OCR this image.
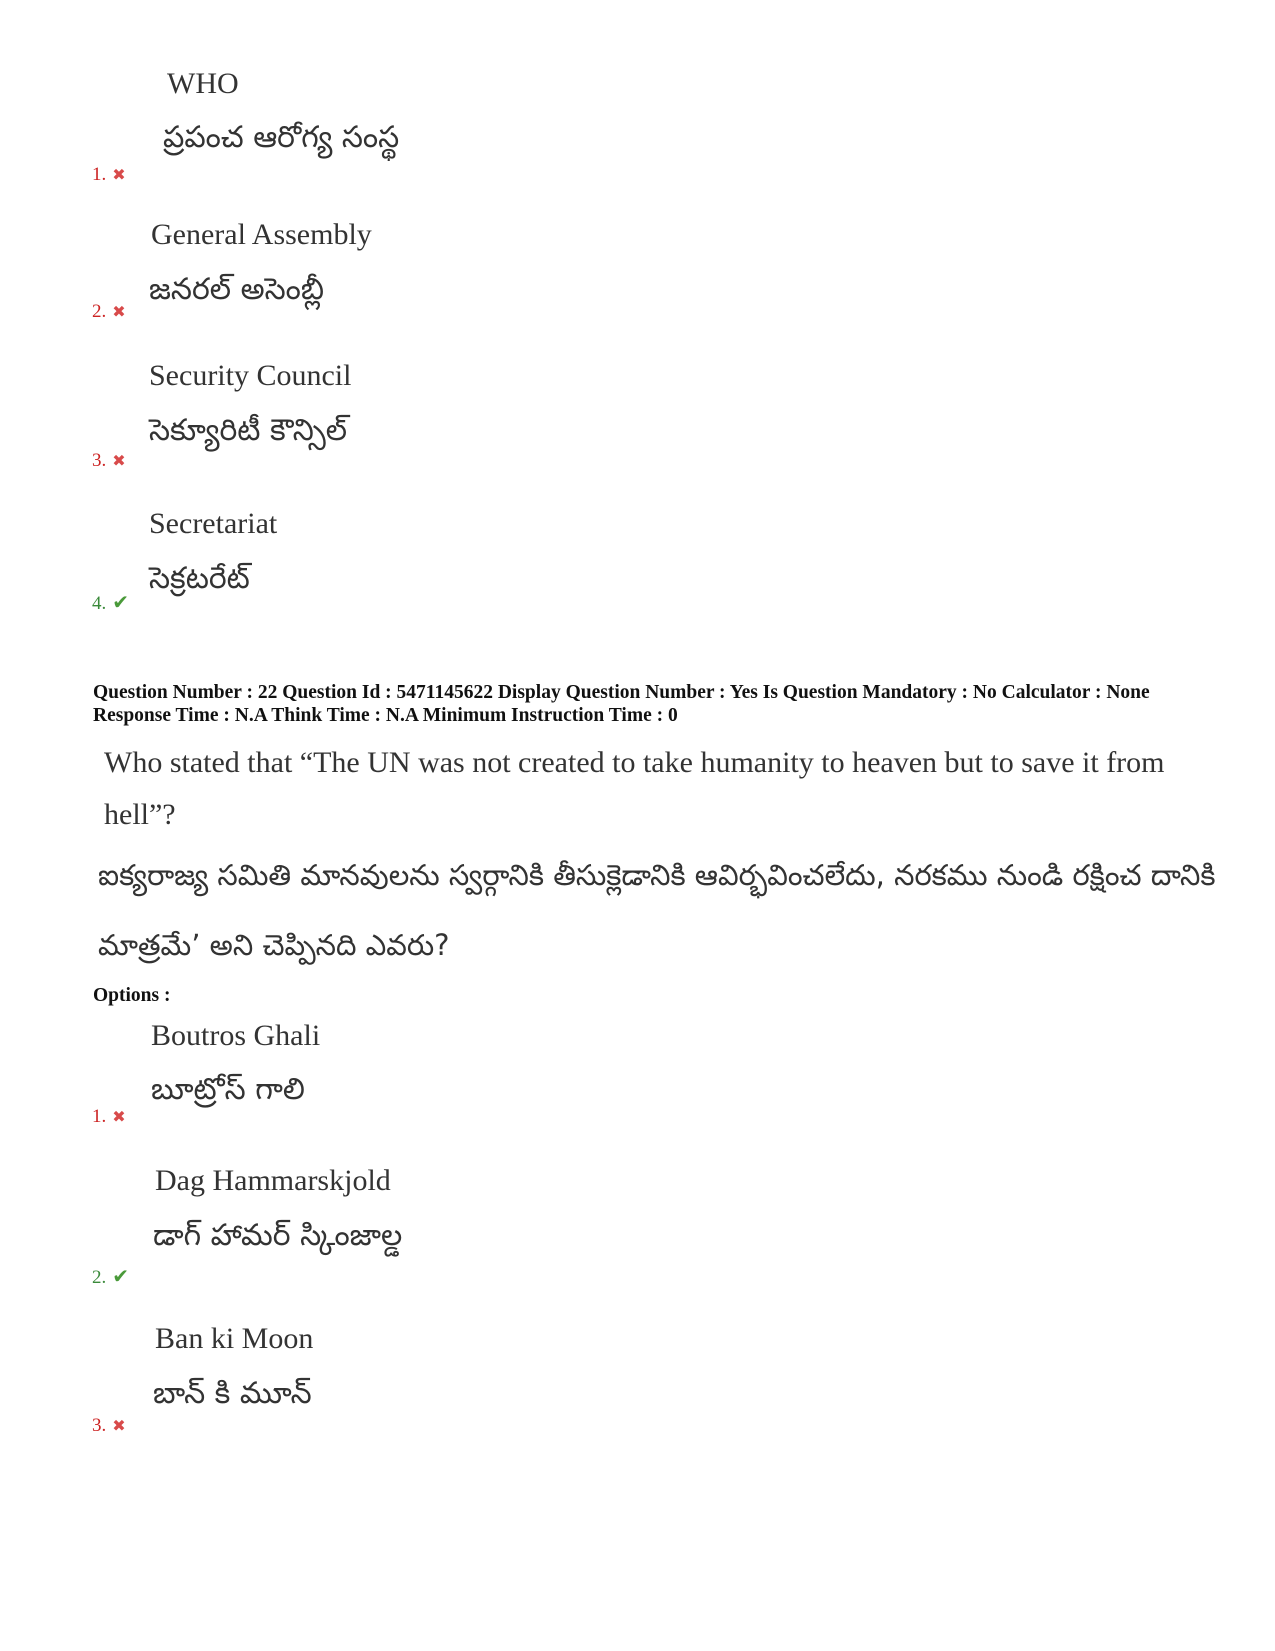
WHO
ప్రపంచ ఆరోగ్య సంస్థ
1. ✖
General Assembly
జనరల్ అసెంబ్లీ
2. ✖
Security Council
సెక్యూరిటీ కౌన్సిల్
3. ✖
Secretariat
సెక్రటరేట్
4. ✔
Question Number : 22 Question Id : 5471145622 Display Question Number : Yes Is Question Mandatory : No Calculator : None Response Time : N.A Think Time : N.A Minimum Instruction Time : 0
Who stated that “The UN was not created to take humanity to heaven but to save it from hell”?
ఐక్యరాజ్య సమితి మానవులను స్వర్గానికి తీసుక్లెడానికి ఆవిర్భవించలేదు, నరకము నుండి రక్షించ దానికి మాత్రమే’ అని చెప్పినది ఎవరు?
Options :
Boutros Ghali
బూట్రోస్ గాలి
1. ✖
Dag Hammarskjold
డాగ్ హామర్ స్కింజాల్డ
2. ✔
Ban ki Moon
బాన్ కి మూన్
3. ✖
